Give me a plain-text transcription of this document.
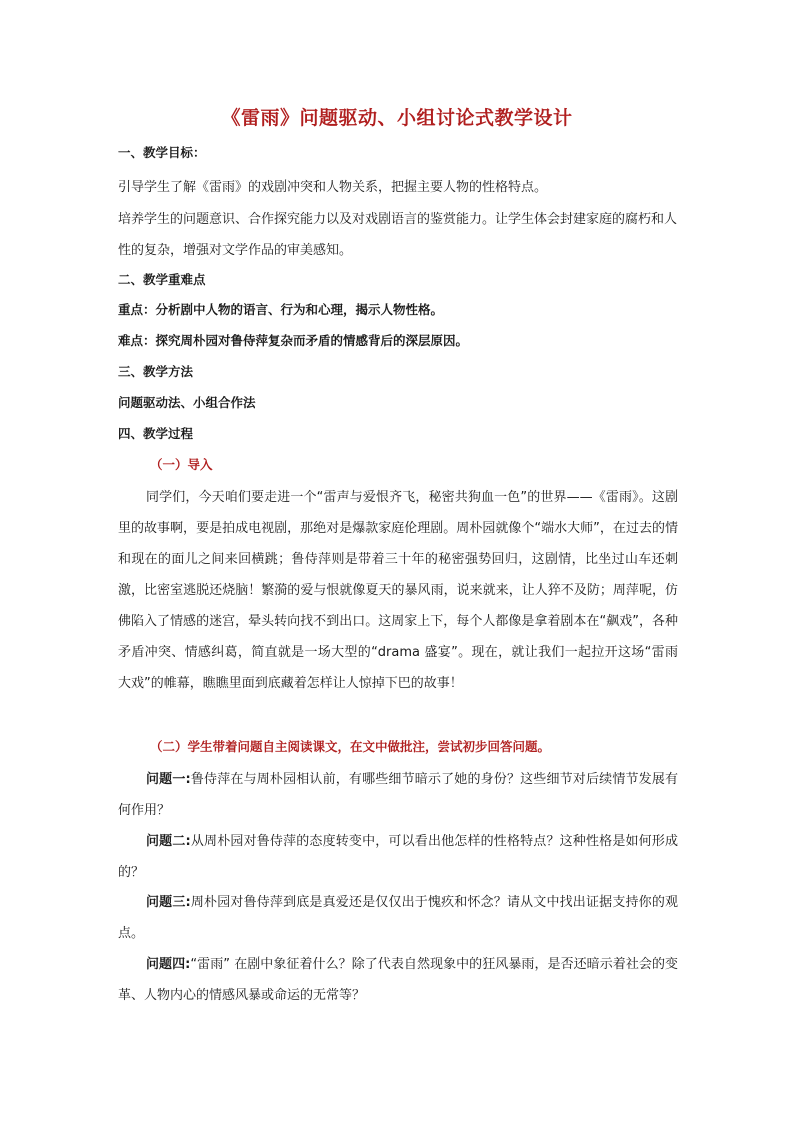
《雷雨》问题驱动、小组讨论式教学设计
一、教学目标：

引导学生了解《雷雨》的戏剧冲突和人物关系，把握主要人物的性格特点。

培养学生的问题意识、合作探究能力以及对戏剧语言的鉴赏能力。让学生体会封建家庭的腐朽和人性的复杂，增强对文学作品的审美感知。

二、教学重难点
重点：分析剧中人物的语言、行为和心理，揭示人物性格。
难点：探究周朴园对鲁侍萍复杂而矛盾的情感背后的深层原因。
三、教学方法
问题驱动法、小组合作法
四、教学过程
（一）导入

同学们，今天咱们要走进一个“雷声与爱恨齐飞，秘密共狗血一色”的世界——《雷雨》。这剧里的故事啊，要是拍成电视剧，那绝对是爆款家庭伦理剧。周朴园就像个“端水大师”，在过去的情和现在的面儿之间来回横跳；鲁侍萍则是带着三十年的秘密强势回归，这剧情，比坐过山车还刺激，比密室逃脱还烧脑！繁漪的爱与恨就像夏天的暴风雨，说来就来，让人猝不及防；周萍呢，仿佛陷入了情感的迷宫，晕头转向找不到出口。这周家上下，每个人都像是拿着剧本在“飙戏”，各种矛盾冲突、情感纠葛，简直就是一场大型的“drama 盛宴”。现在，就让我们一起拉开这场“雷雨大戏”的帷幕，瞧瞧里面到底藏着怎样让人惊掉下巴的故事！

（二）学生带着问题自主阅读课文，在文中做批注，尝试初步回答问题。

问题一:鲁侍萍在与周朴园相认前，有哪些细节暗示了她的身份？这些细节对后续情节发展有何作用？

问题二:从周朴园对鲁侍萍的态度转变中，可以看出他怎样的性格特点？这种性格是如何形成的？

问题三:周朴园对鲁侍萍到底是真爱还是仅仅出于愧疚和怀念？请从文中找出证据支持你的观点。

问题四:“雷雨” 在剧中象征着什么？除了代表自然现象中的狂风暴雨，是否还暗示着社会的变革、人物内心的情感风暴或命运的无常等？
